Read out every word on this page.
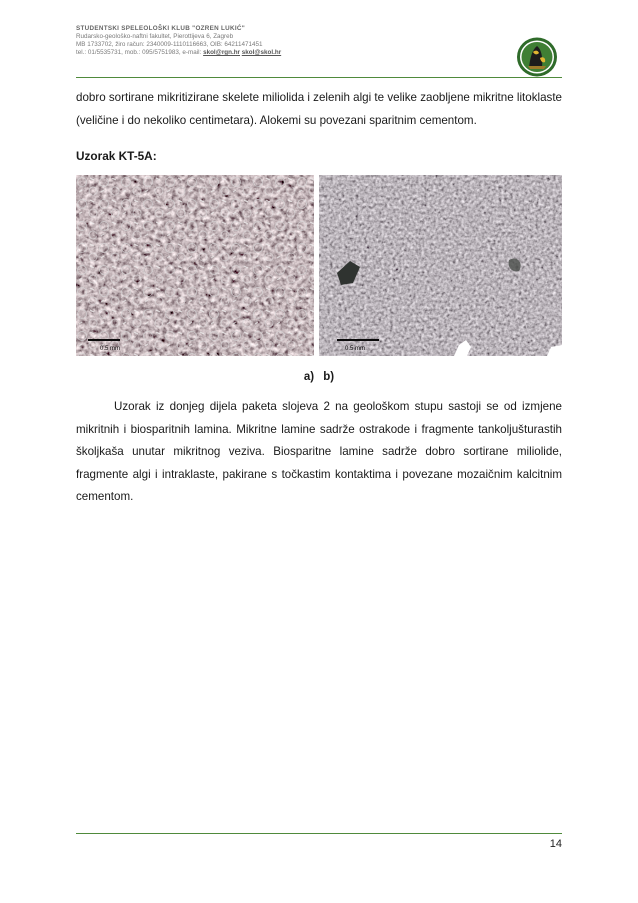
STUDENTSKI SPELEOLOŠKI KLUB "OZREN LUKIĆ"

Rudarsko-geološko-naftni fakultet, Pierottijeva 6, Zagreb

MB 1733702, žiro račun: 2340009-1110116663, OIB: 64211471451

tel.: 01/5535731, mob.: 095/5751983, e-mail: skol@rgn.hr skol@skol.hr

dobro sortirane mikritizirane skelete miliolida i zelenih algi te velike zaobljene mikritne litoklaste (veličine i do nekoliko centimetara). Alokemi su povezani sparitnim cementom.

Uzorak KT-5A:

0.5 mm	0.5 mm

a) b)

Uzorak iz donjeg dijela paketa slojeva 2 na geološkom stupu sastoji se od izmjene mikritnih i biosparitnih lamina. Mikritne lamine sadrže ostrakode i fragmente tankoljušturastih školjkaša unutar mikritnog veziva. Biosparitne lamine sadrže dobro sortirane miliolide, fragmente algi i intraklaste, pakirane s točkastim kontaktima i povezane mozaičnim kalcitnim cementom.

14
